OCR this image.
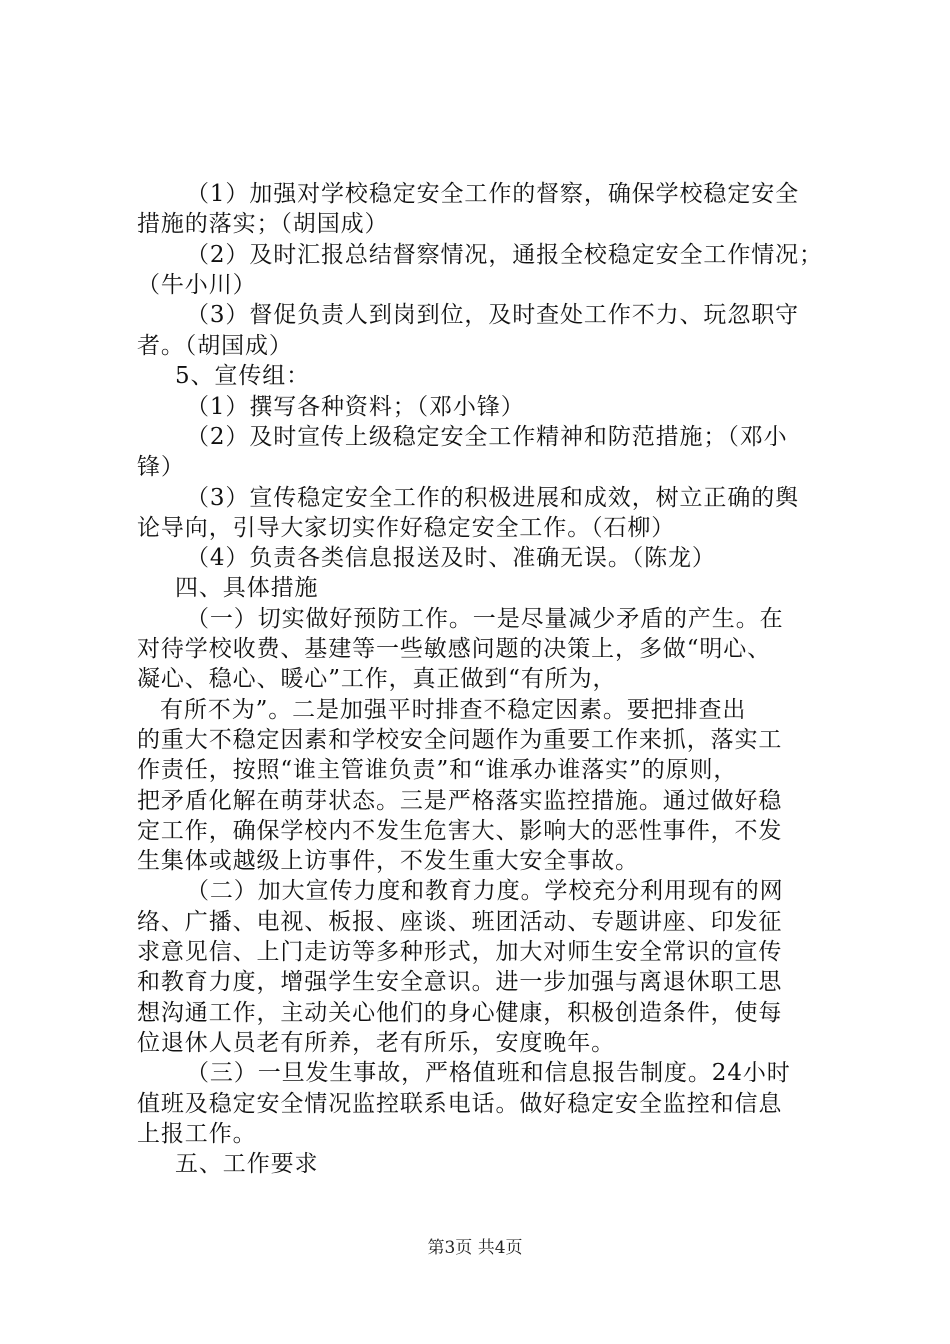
（1）加强对学校稳定安全工作的督察，确保学校稳定安全
措施的落实；（胡国成）
（2）及时汇报总结督察情况，通报全校稳定安全工作情况；
（牛小川）
（3）督促负责人到岗到位，及时查处工作不力、玩忽职守
者。（胡国成）
5、宣传组：
（1）撰写各种资料；（邓小锋）
（2）及时宣传上级稳定安全工作精神和防范措施；（邓小
锋）
（3）宣传稳定安全工作的积极进展和成效，树立正确的舆
论导向，引导大家切实作好稳定安全工作。（石柳）
（4）负责各类信息报送及时、准确无误。（陈龙）
四、具体措施
（一）切实做好预防工作。一是尽量减少矛盾的产生。在
对待学校收费、基建等一些敏感问题的决策上，多做“明心、
凝心、稳心、暖心”工作，真正做到“有所为，
有所不为”。二是加强平时排查不稳定因素。要把排查出
的重大不稳定因素和学校安全问题作为重要工作来抓，落实工
作责任，按照“谁主管谁负责”和“谁承办谁落实”的原则，
把矛盾化解在萌芽状态。三是严格落实监控措施。通过做好稳
定工作，确保学校内不发生危害大、影响大的恶性事件，不发
生集体或越级上访事件，不发生重大安全事故。
（二）加大宣传力度和教育力度。学校充分利用现有的网
络、广播、电视、板报、座谈、班团活动、专题讲座、印发征
求意见信、上门走访等多种形式，加大对师生安全常识的宣传
和教育力度，增强学生安全意识。进一步加强与离退休职工思
想沟通工作，主动关心他们的身心健康，积极创造条件，使每
位退休人员老有所养，老有所乐，安度晚年。
（三）一旦发生事故，严格值班和信息报告制度。24小时
值班及稳定安全情况监控联系电话。做好稳定安全监控和信息
上报工作。
五、工作要求
第3页 共4页
